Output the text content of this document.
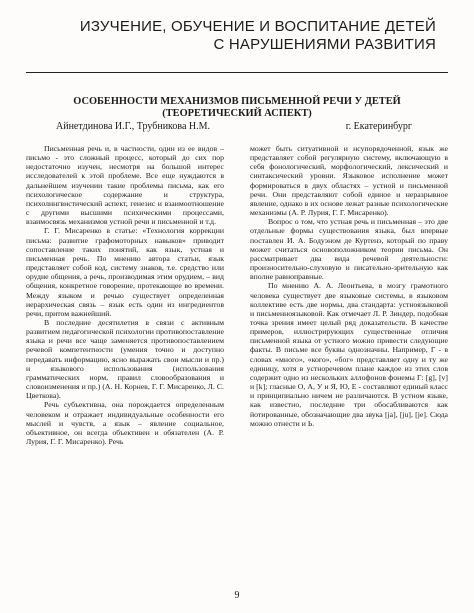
ИЗУЧЕНИЕ, ОБУЧЕНИЕ И ВОСПИТАНИЕ ДЕТЕЙ
С НАРУШЕНИЯМИ РАЗВИТИЯ
ОСОБЕННОСТИ МЕХАНИЗМОВ ПИСЬМЕННОЙ РЕЧИ У ДЕТЕЙ
(ТЕОРЕТИЧЕСКИЙ АСПЕКТ)
Айнетдинова И.Г., Трубникова Н.М.	г. Екатеринбург

Письменная речь и, в частности, один из ее видов – письмо - это сложный процесс, который до сих пор недостаточно изучен, несмотря на большой интерес исследователей к этой проблеме. Все еще нуждаются в дальнейшем изучении такие проблемы письма, как его психологическое содержание и структура, психолингвистический аспект, генезис и взаимоотношение с другими высшими психическими процессами, взаимосвязь механизмов устной речи и письменной и т.д.

Г. Г. Мисаренко в статье: «Технология коррекции письма: развитие графомоторных навыков» приводит сопоставление таких понятий, как язык, устная и письменная речь. По мнению автора статьи, язык представляет собой код, систему знаков, т.е. средство или орудие общения, а речь, производимая этим орудием, – вид общения, конкретное говорение, протекающее во времени. Между языком и речью существует определенная иерархическая связь – язык есть один из ингредиентов речи, притом важнейший.

В последние десятилетия в связи с активным развитием педагогической психологии противопоставление языка и речи все чаще заменяется противопоставлением речевой компетентности (умения точно и доступно передавать информацию, ясно выражать свои мысли и пр.) и языкового использования (использования грамматических норм, правил словообразования и словоизменения и пр.) (А. Н. Корнев, Г. Г. Мисаренко, Л. С. Цветкова).

Речь субъективна, она порождается определенным человеком и отражает индивидуальные особенности его мыслей и чувств, а язык – явление социальное, объективное, он всегда объективен и обязателен (А. Р. Лурия, Г. Г. Мисаренко). Речь

может быть ситуативной и нсупорядоченной, язык же представляет собой регулярную систему, включающую в себя фонологический, морфологический, лексический и синтаксический уровни. Языковое исполнение может формироваться в двух областях – устной и письменной речи. Они представляют собой единое и неразрывное явление, однако в их основе лежат разные психологические механизмы (А. Р. Лурия, Г. Г. Мисаренко).

Вопрос о том, что устная речь и письменная – это две отдельные формы существования языка, был впервые поставлен И. А. Бодуэном де Куртенэ, который по праву может считаться основоположником теории письма. Он рассматривает два вида речевой деятельности: произносительно-слуховую и писательно-зрительную как вполне равноправные.

По мнению А. А. Леонтьева, в мозгу грамотного человека существует две языковые системы, в языковом коллективе есть две нормы, два стандарта: устноязыковой и письменноязыковой. Как отмечает Л. Р. Зиндер, подобная точка зрения имеет целый ряд доказательств. В качестве примеров, иллюстрирующих существенные отличия письменной языка от устного можно привести следующие факты. В письме все буквы однозначны. Например, Г - в словах «много», «кого», «бог» представляет одну и ту же единицу, хотя в устноречевом плане каждое из этих слов содержит одно из нескольких аллофонов фонемы Г: [g], [v] и [k]; гласные О, А, У и Я, Ю, Е - составляют единый класс и принципиально ничем не различаются. В устном языке, как известно, последние три обосабливаются как йотированные, обозначающие два звука [ja], [ju], [je]. Сюда можно отнести и Ь.

9
